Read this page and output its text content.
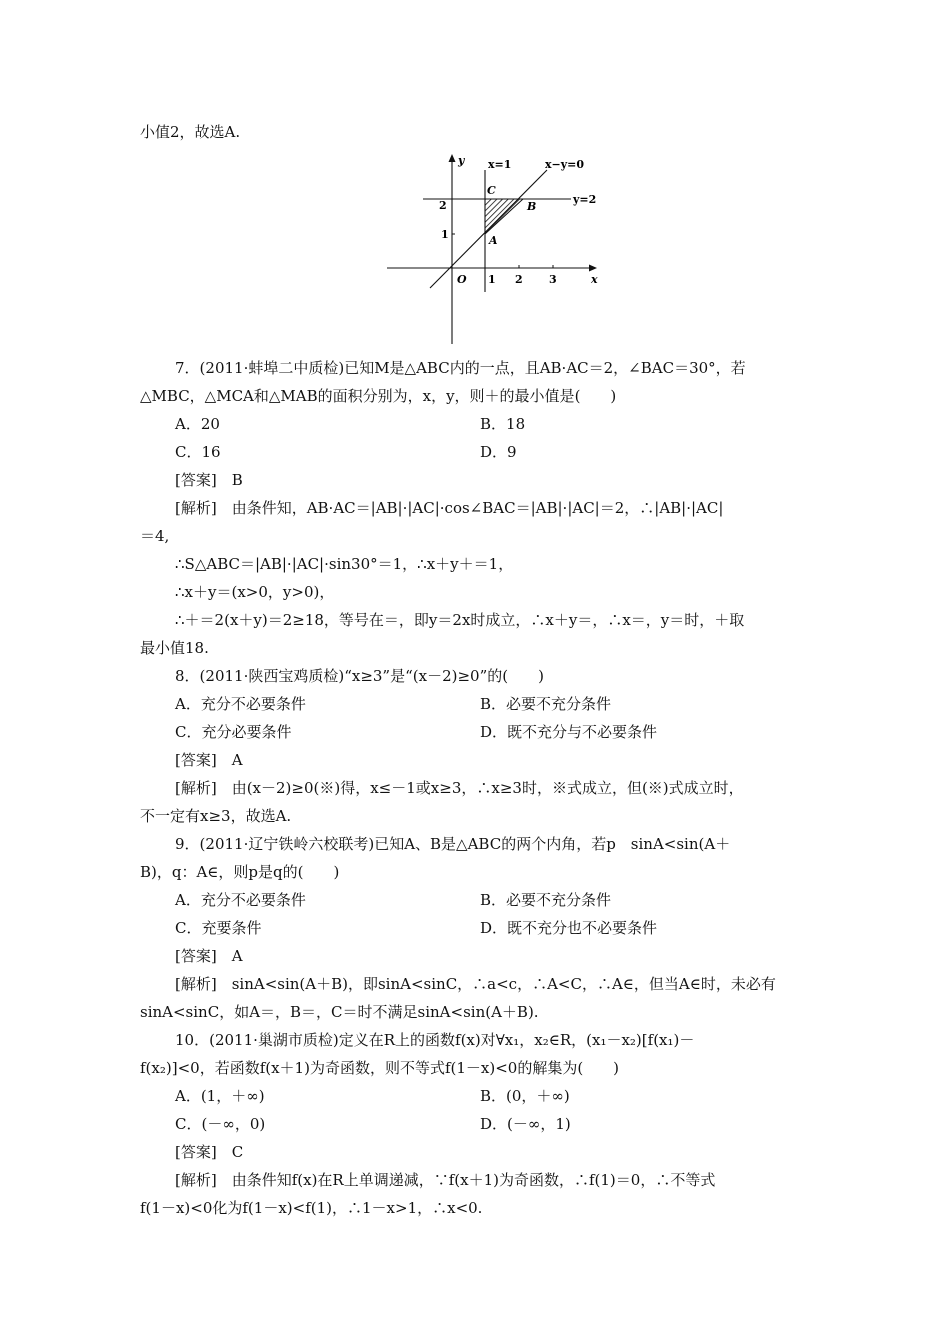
小值2，故选A.
y
x
O
x=1	x−y=0
y=2
C
B
A
2
1
1 2 3
7．(2011·蚌埠二中质检)已知M是△ABC内的一点，且AB·AC＝2，∠BAC＝30°，若
△MBC，△MCA和△MAB的面积分别为，x，y，则＋的最小值是(　　)
A．20	B．18
C．16	D．9
[答案]　B
[解析]　由条件知，AB·AC＝|AB|·|AC|·cos∠BAC＝|AB|·|AC|＝2，∴|AB|·|AC|
＝4,
∴S△ABC＝|AB|·|AC|·sin30°＝1，∴x＋y＋＝1，
∴x＋y＝(x>0，y>0)，
∴＋＝2(x＋y)＝2≥18，等号在＝，即y＝2x时成立，∴x＋y＝，∴x＝，y＝时，＋取
最小值18.
8．(2011·陕西宝鸡质检)“x≥3”是“(x－2)≥0”的(　　)
A．充分不必要条件	B．必要不充分条件
C．充分必要条件	D．既不充分与不必要条件
[答案]　A
[解析]　由(x－2)≥0(※)得，x≤－1或x≥3，∴x≥3时，※式成立，但(※)式成立时，
不一定有x≥3，故选A.
9．(2011·辽宁铁岭六校联考)已知A、B是△ABC的两个内角，若p　sinA<sin(A＋
B)，q：A∈，则p是q的(　　)
A．充分不必要条件	B．必要不充分条件
C．充要条件	D．既不充分也不必要条件
[答案]　A
[解析]　sinA<sin(A＋B)，即sinA<sinC，∴a<c，∴A<C，∴A∈，但当A∈时，未必有
sinA<sinC，如A＝，B＝，C＝时不满足sinA<sin(A＋B).
10．(2011·巢湖市质检)定义在R上的函数f(x)对∀x₁，x₂∈R，(x₁－x₂)[f(x₁)－
f(x₂)]<0，若函数f(x＋1)为奇函数，则不等式f(1－x)<0的解集为(　　)
A．(1，＋∞)	B．(0，＋∞)
C．(－∞，0)	D．(－∞，1)
[答案]　C
[解析]　由条件知f(x)在R上单调递减，∵f(x＋1)为奇函数，∴f(1)＝0，∴不等式
f(1－x)<0化为f(1－x)<f(1)，∴1－x>1，∴x<0.
